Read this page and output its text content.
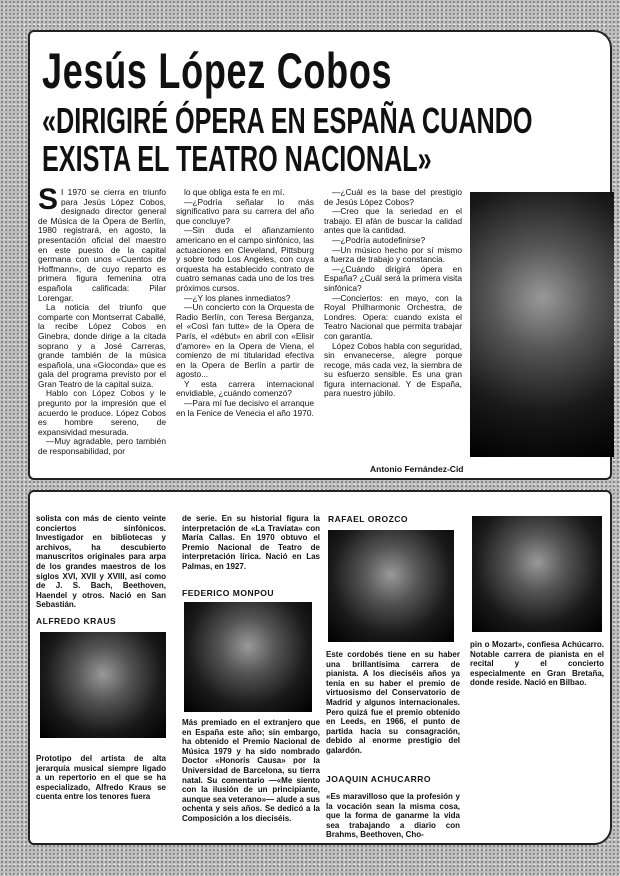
Jesús López Cobos
«DIRIGIRÉ ÓPERA EN ESPAÑA CUANDO EXISTA EL TEATRO NACIONAL»
S I 1970 se cierra en triunfo para Jesús López Cobos, designado director general de Música de la Ópera de Berlín, 1980 registrará, en agosto, la presentación oficial del maestro en este puesto de la capital germana con unos «Cuentos de Hoffmann», de cuyo reparto es primera figura femenina otra española calificada: Pilar Lorengar.

La noticia del triunfo que comparte con Montserrat Caballé, la recibe López Cobos en Ginebra, donde dirige a la citada soprano y a José Carreras, grande también de la música española, una «Gioconda» que es gala del programa previsto por el Gran Teatro de la capital suiza.

Hablo con López Cobos y le pregunto por la impresión que el acuerdo le produce. López Cobos es hombre sereno, de expansividad mesurada.

—Muy agradable, pero también de responsabilidad, por

lo que obliga esta fe en mí.

—¿Podría señalar lo más significativo para su carrera del año que concluye?

—Sin duda el afianzamiento americano en el campo sinfónico, las actuaciones en Cleveland, Pittsburg y sobre todo Los Angeles, con cuya orquesta ha establecido contrato de cuatro semanas cada uno de los tres próximos cursos.

—¿Y los planes inmediatos?

—Un concierto con la Orquesta de Radio Berlín, con Teresa Berganza, el «Così fan tutte» de la Opera de París, el «début» en abril con «Elisir d'amore» en la Opera de Viena, el comienzo de mi titularidad efectiva en la Opera de Berlín a partir de agosto...

Y esta carrera internacional envidiable, ¿cuándo comenzó?

—Para mí fue decisivo el arranque en la Fenice de Venecia el año 1970.

—¿Cuál es la base del prestigio de Jesús López Cobos?

—Creo que la seriedad en el trabajo. El afán de buscar la calidad antes que la cantidad.

—¿Podría autodefinirse?

—Un músico hecho por sí mismo a fuerza de trabajo y constancia.

—¿Cuándo dirigirá ópera en España? ¿Cuál será la primera visita sinfónica?

—Conciertos: en mayo, con la Royal Philharmonic Orchestra, de Londres. Opera: cuando exista el Teatro Nacional que permita trabajar con garantía.

López Cobos habla con seguridad, sin envanecerse, alegre porque recoge, más cada vez, la siembra de su esfuerzo sensible. Es una gran figura internacional. Y de España, para nuestro júbilo.

Antonio Fernández-Cid
solista con más de ciento veinte conciertos sinfónicos. Investigador en bibliotecas y archivos, ha descubierto manuscritos originales para arpa de los grandes maestros de los siglos XVI, XVII y XVIII, así como de J. S. Bach, Beethoven, Haendel y otros. Nació en San Sebastián.
ALFREDO KRAUS
Prototipo del artista de alta jerarquía musical siempre ligado a un repertorio en el que se ha especializado, Alfredo Kraus se cuenta entre los tenores fuera
de serie. En su historial figura la interpretación de «La Traviata» con María Callas. En 1970 obtuvo el Premio Nacional de Teatro de interpretación lírica. Nació en Las Palmas, en 1927.
FEDERICO MONPOU
Más premiado en el extranjero que en España este año; sin embargo, ha obtenido el Premio Nacional de Música 1979 y ha sido nombrado Doctor «Honoris Causa» por la Universidad de Barcelona, su tierra natal. Su comentario —«Me siento con la ilusión de un principiante, aunque sea veterano»— alude a sus ochenta y seis años. Se dedicó a la Composición a los dieciséis.
RAFAEL OROZCO
Este cordobés tiene en su haber una brillantísima carrera de pianista. A los dieciséis años ya tenía en su haber el premio de virtuosismo del Conservatorio de Madrid y algunos internacionales. Pero quizá fue el premio obtenido en Leeds, en 1966, el punto de partida hacia su consagración, debido al enorme prestigio del galardón.
JOAQUIN ACHUCARRO
«Es maravilloso que la profesión y la vocación sean la misma cosa, que la forma de ganarme la vida sea trabajando a diario con Brahms, Beethoven, Cho-
pin o Mozart», confiesa Achúcarro. Notable carrera de pianista en el recital y el concierto especialmente en Gran Bretaña, donde reside. Nació en Bilbao.
